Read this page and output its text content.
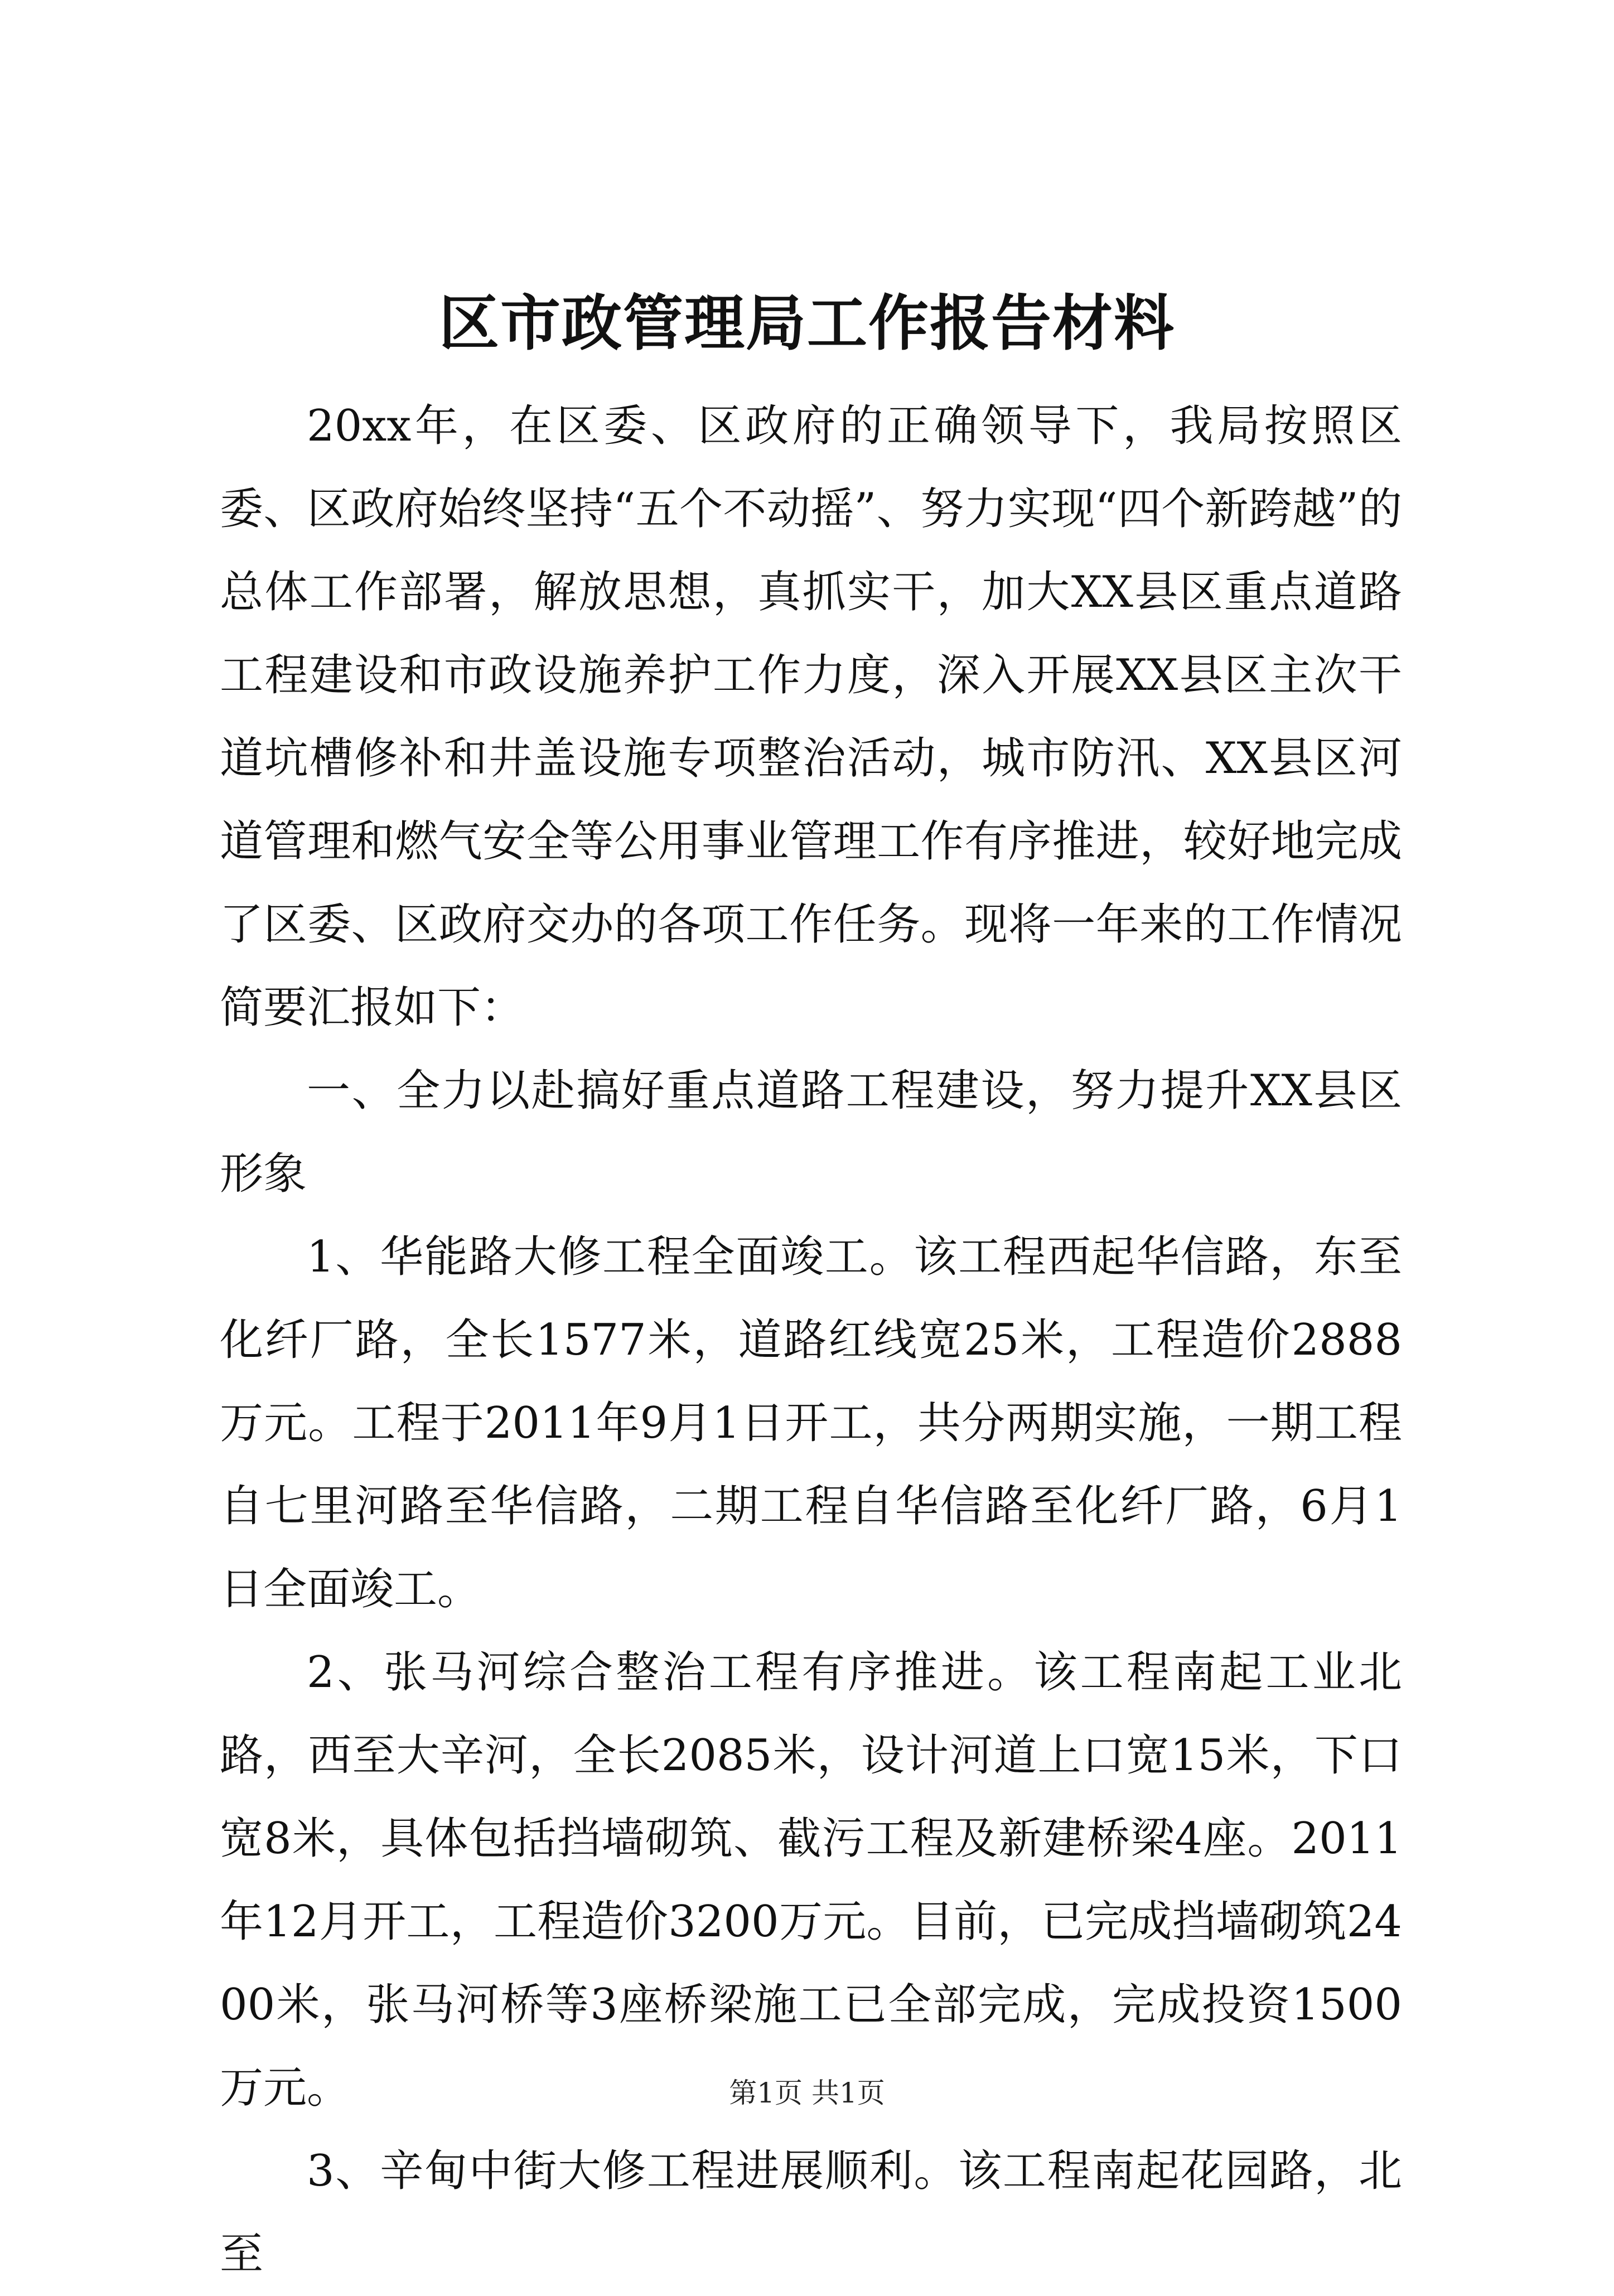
区市政管理局工作报告材料

20xx年，在区委、区政府的正确领导下，我局按照区委、区政府始终坚持“五个不动摇”、努力实现“四个新跨越”的总体工作部署，解放思想，真抓实干，加大XX县区重点道路工程建设和市政设施养护工作力度，深入开展XX县区主次干道坑槽修补和井盖设施专项整治活动，城市防汛、XX县区河道管理和燃气安全等公用事业管理工作有序推进，较好地完成了区委、区政府交办的各项工作任务。现将一年来的工作情况简要汇报如下：

一、全力以赴搞好重点道路工程建设，努力提升XX县区形象

1、华能路大修工程全面竣工。该工程西起华信路，东至化纤厂路，全长1577米，道路红线宽25米，工程造价2888万元。工程于2011年9月1日开工，共分两期实施，一期工程自七里河路至华信路，二期工程自华信路至化纤厂路，6月1日全面竣工。

2、张马河综合整治工程有序推进。该工程南起工业北路，西至大辛河，全长2085米，设计河道上口宽15米，下口宽8米，具体包括挡墙砌筑、截污工程及新建桥梁4座。2011年12月开工，工程造价3200万元。目前，已完成挡墙砌筑2400米，张马河桥等3座桥梁施工已全部完成，完成投资1500万元。

3、辛甸中街大修工程进展顺利。该工程南起花园路，北至

第1页 共1页
